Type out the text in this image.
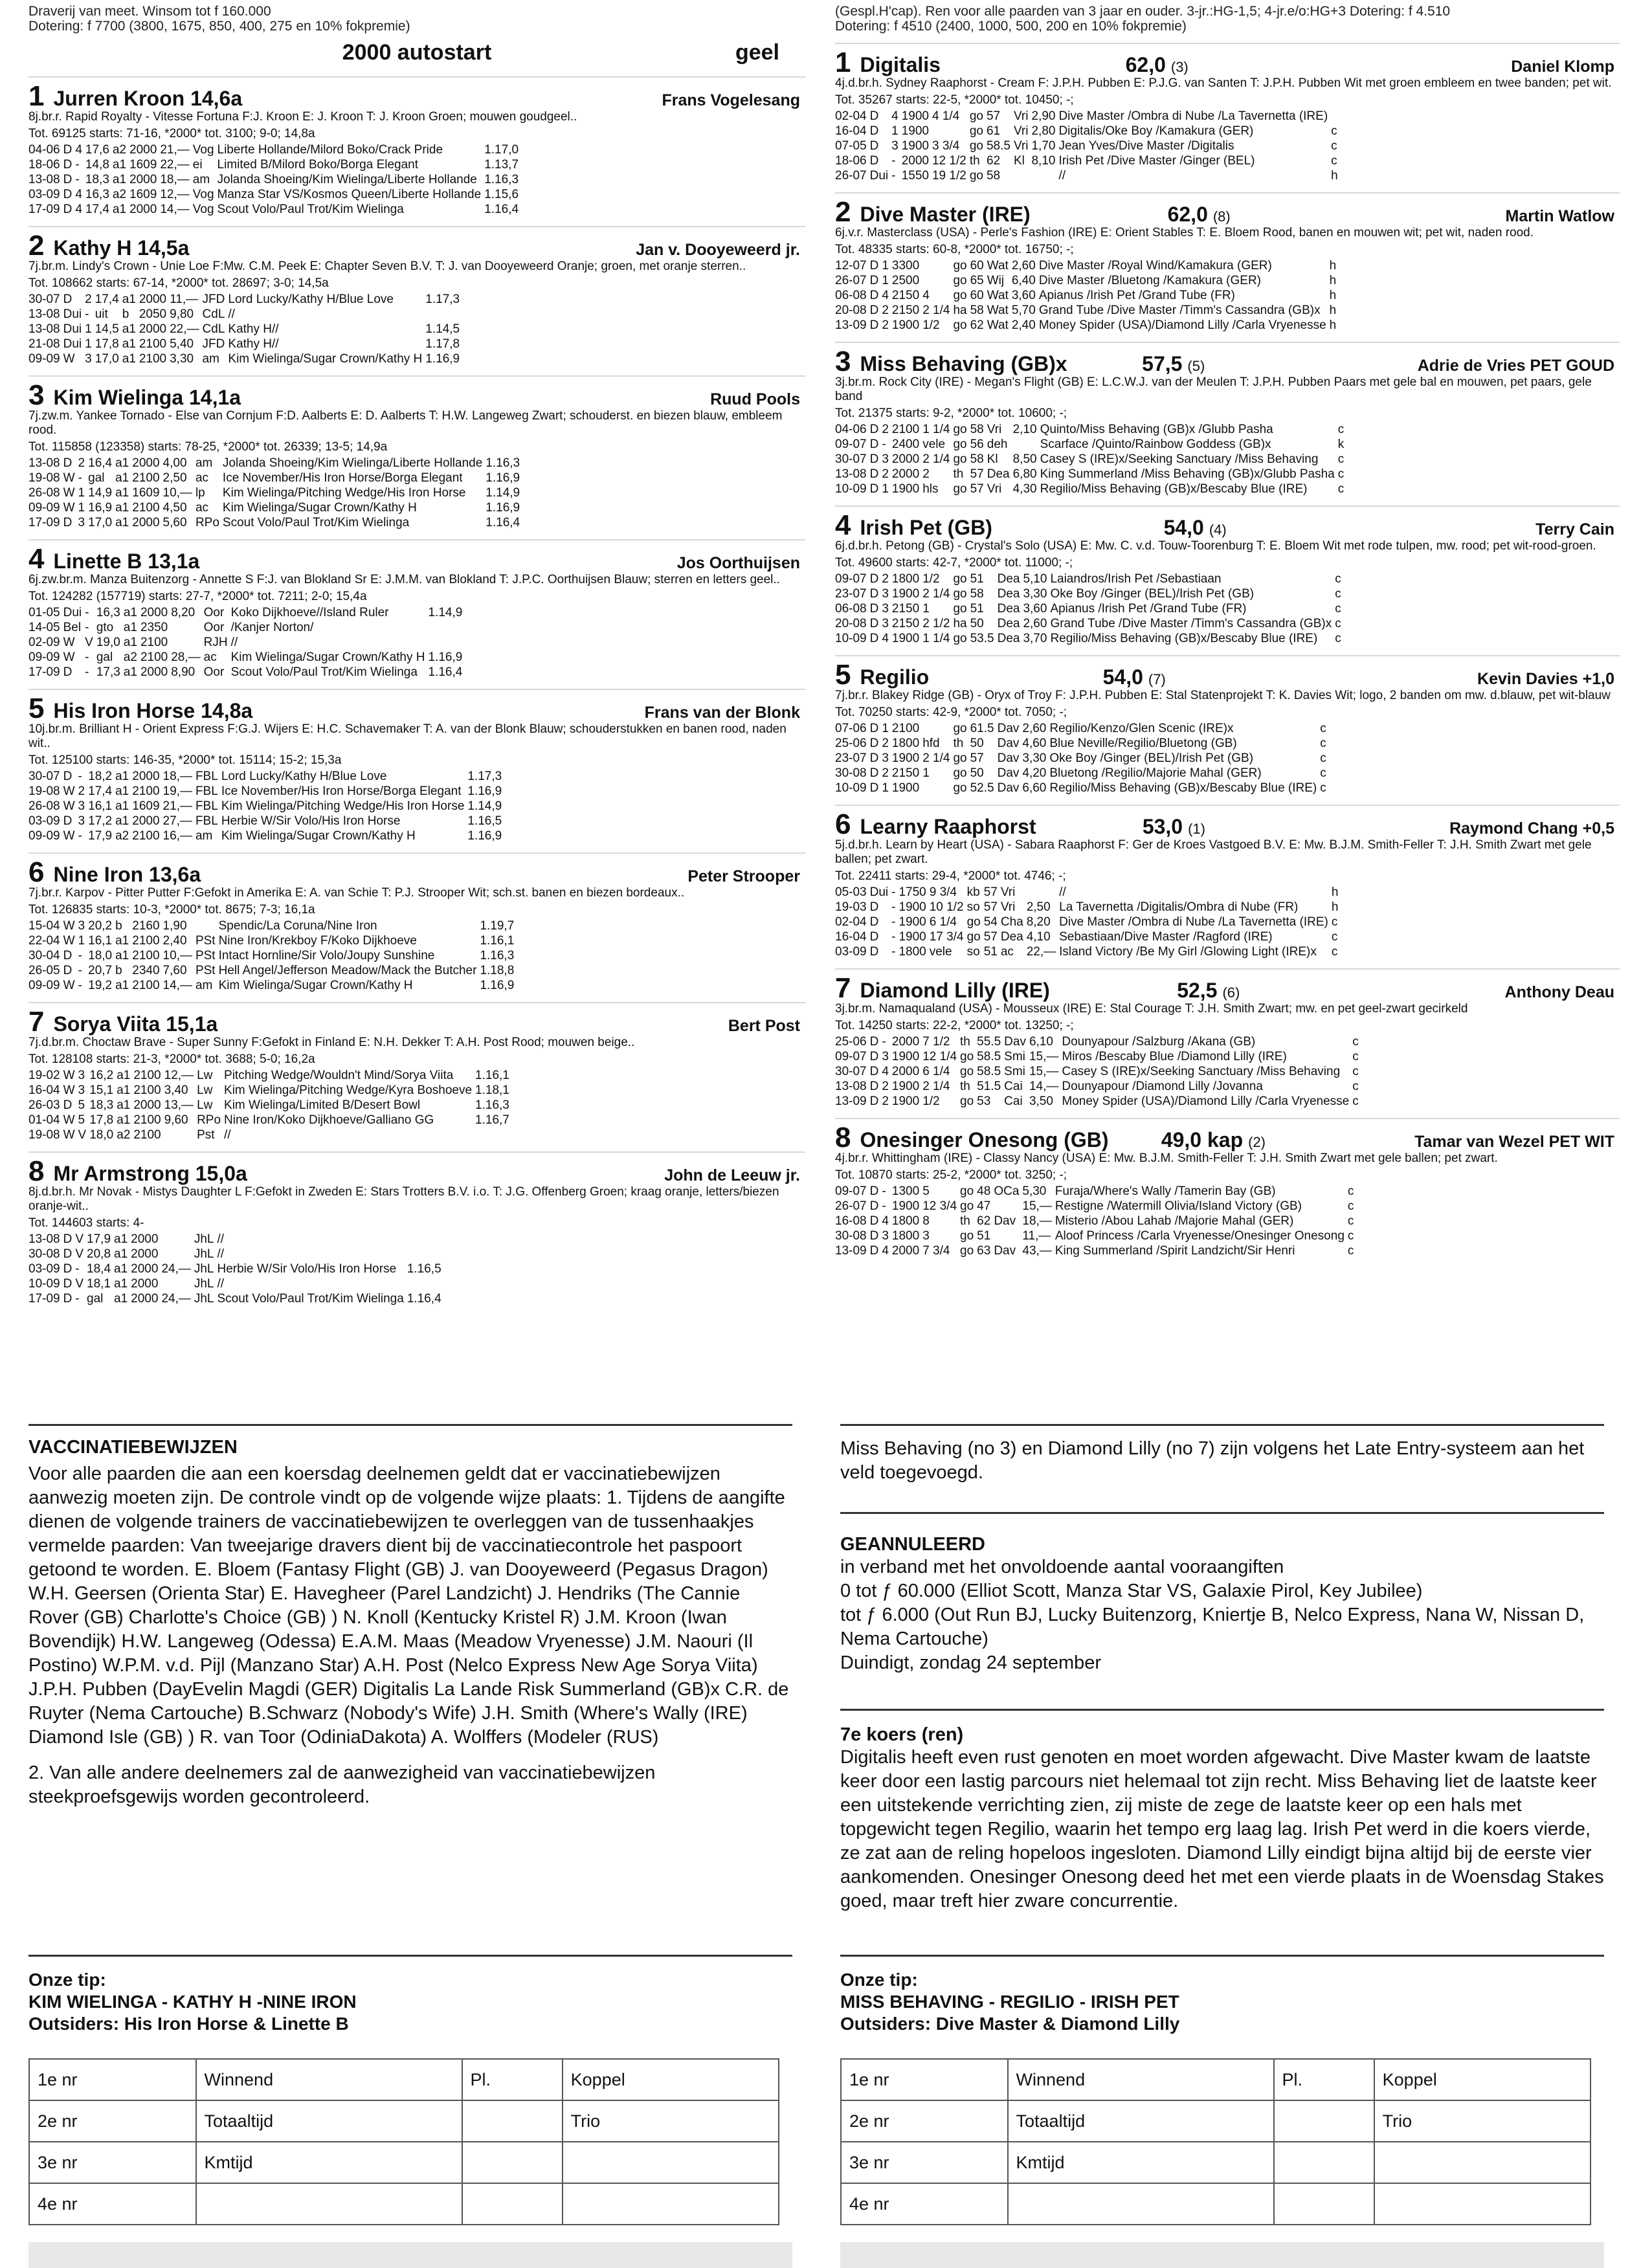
Draverij van meet. Winsom tot f 160.000
Dotering: f 7700 (3800, 1675, 850, 400, 275 en 10% fokpremie)
2000 autostart	geel
1 Jurren Kroon 14,6a	Frans Vogelesang
8j.br.r. Rapid Royalty - Vitesse Fortuna F:J. Kroon E: J. Kroon T: J. Kroon Groen; mouwen goudgeel..
Tot. 69125 starts: 71-16, *2000* tot. 3100; 9-0; 14,8a
04-06	D	4	17,6	a2	2000	21,—	Vog	Liberte Hollande/Milord Boko/Crack Pride	1.17,0
18-06	D	-	14,8	a1	1609	22,—	ei	Limited B/Milord Boko/Borga Elegant	1.13,7
13-08	D	-	18,3	a1	2000	18,—	am	Jolanda Shoeing/Kim Wielinga/Liberte Hollande	1.16,3
03-09	D	4	16,3	a2	1609	12,—	Vog	Manza Star VS/Kosmos Queen/Liberte Hollande	1.15,6
17-09	D	4	17,4	a1	2000	14,—	Vog	Scout Volo/Paul Trot/Kim Wielinga	1.16,4
2 Kathy H 14,5a	Jan v. Dooyeweerd jr.
7j.br.m. Lindy's Crown - Unie Loe F:Mw. C.M. Peek E: Chapter Seven B.V. T: J. van Dooyeweerd Oranje; groen, met oranje sterren..
Tot. 108662 starts: 67-14, *2000* tot. 28697; 3-0; 14,5a
30-07	D	2	17,4	a1	2000	11,—	JFD	Lord Lucky/Kathy H/Blue Love	1.17,3
13-08	Dui	-	uit	b	2050	9,80	CdL	//	
13-08	Dui	1	14,5	a1	2000	22,—	CdL	Kathy H//	1.14,5
21-08	Dui	1	17,8	a1	2100	5,40	JFD	Kathy H//	1.17,8
09-09	W	3	17,0	a1	2100	3,30	am	Kim Wielinga/Sugar Crown/Kathy H	1.16,9
3 Kim Wielinga 14,1a	Ruud Pools
7j.zw.m. Yankee Tornado - Else van Cornjum F:D. Aalberts E: D. Aalberts T: H.W. Langeweg Zwart; schouderst. en biezen blauw, embleem rood.
Tot. 115858 (123358) starts: 78-25, *2000* tot. 26339; 13-5; 14,9a
13-08	D	2	16,4	a1	2000	4,00	am	Jolanda Shoeing/Kim Wielinga/Liberte Hollande	1.16,3
19-08	W	-	gal	a1	2100	2,50	ac	Ice November/His Iron Horse/Borga Elegant	1.16,9
26-08	W	1	14,9	a1	1609	10,—	lp	Kim Wielinga/Pitching Wedge/His Iron Horse	1.14,9
09-09	W	1	16,9	a1	2100	4,50	ac	Kim Wielinga/Sugar Crown/Kathy H	1.16,9
17-09	D	3	17,0	a1	2000	5,60	RPo	Scout Volo/Paul Trot/Kim Wielinga	1.16,4
4 Linette B 13,1a	Jos Oorthuijsen
6j.zw.br.m. Manza Buitenzorg - Annette S F:J. van Blokland Sr E: J.M.M. van Blokland T: J.P.C. Oorthuijsen Blauw; sterren en letters geel..
Tot. 124282 (157719) starts: 27-7, *2000* tot. 7211; 2-0; 15,4a
01-05	Dui	-	16,3	a1	2000	8,20	Oor	Koko Dijkhoeve//Island Ruler	1.14,9
14-05	Bel	-	gto	a1	2350		Oor	/Kanjer Norton/	
02-09	W	V	19,0	a1	2100		RJH	//	
09-09	W	-	gal	a2	2100	28,—	ac	Kim Wielinga/Sugar Crown/Kathy H	1.16,9
17-09	D	-	17,3	a1	2000	8,90	Oor	Scout Volo/Paul Trot/Kim Wielinga	1.16,4
5 His Iron Horse 14,8a	Frans van der Blonk
10j.br.m. Brilliant H - Orient Express F:G.J. Wijers E: H.C. Schavemaker T: A. van der Blonk Blauw; schouderstukken en banen rood, naden wit..
Tot. 125100 starts: 146-35, *2000* tot. 15114; 15-2; 15,3a
30-07	D	-	18,2	a1	2000	18,—	FBL	Lord Lucky/Kathy H/Blue Love	1.17,3
19-08	W	2	17,4	a1	2100	19,—	FBL	Ice November/His Iron Horse/Borga Elegant	1.16,9
26-08	W	3	16,1	a1	1609	21,—	FBL	Kim Wielinga/Pitching Wedge/His Iron Horse	1.14,9
03-09	D	3	17,2	a1	2000	27,—	FBL	Herbie W/Sir Volo/His Iron Horse	1.16,5
09-09	W	-	17,9	a2	2100	16,—	am	Kim Wielinga/Sugar Crown/Kathy H	1.16,9
6 Nine Iron 13,6a	Peter Strooper
7j.br.r. Karpov - Pitter Putter F:Gefokt in Amerika E: A. van Schie T: P.J. Strooper Wit; sch.st. banen en biezen bordeaux..
Tot. 126835 starts: 10-3, *2000* tot. 8675; 7-3; 16,1a
15-04	W	3	20,2	b	2160	1,90		Spendic/La Coruna/Nine Iron	1.19,7
22-04	W	1	16,1	a1	2100	2,40	PSt	Nine Iron/Krekboy F/Koko Dijkhoeve	1.16,1
30-04	D	-	18,0	a1	2100	10,—	PSt	Intact Hornline/Sir Volo/Joupy Sunshine	1.16,3
26-05	D	-	20,7	b	2340	7,60	PSt	Hell Angel/Jefferson Meadow/Mack the Butcher	1.18,8
09-09	W	-	19,2	a1	2100	14,—	am	Kim Wielinga/Sugar Crown/Kathy H	1.16,9
7 Sorya Viita 15,1a	Bert Post
7j.d.br.m. Choctaw Brave - Super Sunny F:Gefokt in Finland E: N.H. Dekker T: A.H. Post Rood; mouwen beige..
Tot. 128108 starts: 21-3, *2000* tot. 3688; 5-0; 16,2a
19-02	W	3	16,2	a1	2100	12,—	Lw	Pitching Wedge/Wouldn't Mind/Sorya Viita	1.16,1
16-04	W	3	15,1	a1	2100	3,40	Lw	Kim Wielinga/Pitching Wedge/Kyra Boshoeve	1.18,1
26-03	D	5	18,3	a1	2000	13,—	Lw	Kim Wielinga/Limited B/Desert Bowl	1.16,3
01-04	W	5	17,8	a1	2100	9,60	RPo	Nine Iron/Koko Dijkhoeve/Galliano GG	1.16,7
19-08	W	V	18,0	a2	2100		Pst	//	
8 Mr Armstrong 15,0a	John de Leeuw jr.
8j.d.br.h. Mr Novak - Mistys Daughter L F:Gefokt in Zweden E: Stars Trotters B.V. i.o. T: J.G. Offenberg Groen; kraag oranje, letters/biezen oranje-wit..
Tot. 144603 starts: 4-
13-08	D	V	17,9	a1	2000		JhL	//	
30-08	D	V	20,8	a1	2000		JhL	//	
03-09	D	-	18,4	a1	2000	24,—	JhL	Herbie W/Sir Volo/His Iron Horse	1.16,5
10-09	D	V	18,1	a1	2000		JhL	//	
17-09	D	-	gal	a1	2000	24,—	JhL	Scout Volo/Paul Trot/Kim Wielinga	1.16,4
(Gespl.H'cap). Ren voor alle paarden van 3 jaar en ouder. 3-jr.:HG-1,5; 4-jr.e/o:HG+3 Dotering: f 4.510
Dotering: f 4510 (2400, 1000, 500, 200 en 10% fokpremie)
1 Digitalis	62,0 (3)	Daniel Klomp
4j.d.br.h. Sydney Raaphorst - Cream F: J.P.H. Pubben E: P.J.G. van Santen T: J.P.H. Pubben Wit met groen embleem en twee banden; pet wit.
Tot. 35267 starts: 22-5, *2000* tot. 10450; -;
02-04	D	4	1900	4 1/4	go	57	Vri	2,90	Dive Master /Ombra di Nube /La Tavernetta (IRE)	
16-04	D	1	1900		go	61	Vri	2,80	Digitalis/Oke Boy /Kamakura (GER)	c
07-05	D	3	1900	3 3/4	go	58.5	Vri	1,70	Jean Yves/Dive Master /Digitalis	c
18-06	D	-	2000	12 1/2	th	62	Kl	8,10	Irish Pet /Dive Master /Ginger (BEL)	c
26-07	Dui	-	1550	19 1/2	go	58			//	h
2 Dive Master (IRE)	62,0 (8)	Martin Watlow
6j.v.r. Masterclass (USA) - Perle's Fashion (IRE) E: Orient Stables T: E. Bloem Rood, banen en mouwen wit; pet wit, naden rood.
Tot. 48335 starts: 60-8, *2000* tot. 16750; -;
12-07	D	1	3300		go	60	Wat	2,60	Dive Master /Royal Wind/Kamakura (GER)	h
26-07	D	1	2500		go	65	Wij	6,40	Dive Master /Bluetong /Kamakura (GER)	h
06-08	D	4	2150	4	go	60	Wat	3,60	Apianus /Irish Pet /Grand Tube (FR)	h
20-08	D	2	2150	2 1/4	ha	58	Wat	5,70	Grand Tube /Dive Master /Timm's Cassandra (GB)x	h
13-09	D	2	1900	1/2	go	62	Wat	2,40	Money Spider (USA)/Diamond Lilly /Carla Vryenesse	h
3 Miss Behaving (GB)x	57,5 (5)	Adrie de Vries PET GOUD
3j.br.m. Rock City (IRE) - Megan's Flight (GB) E: L.C.W.J. van der Meulen T: J.P.H. Pubben Paars met gele bal en mouwen, pet paars, gele band
Tot. 21375 starts: 9-2, *2000* tot. 10600; -;
04-06	D	2	2100	1 1/4	go	58	Vri	2,10	Quinto/Miss Behaving (GB)x /Glubb Pasha	c
09-07	D	-	2400	vele	go	56	deh		Scarface /Quinto/Rainbow Goddess (GB)x	k
30-07	D	3	2000	2 1/4	go	58	Kl	8,50	Casey S (IRE)x/Seeking Sanctuary /Miss Behaving	c
13-08	D	2	2000	2	th	57	Dea	6,80	King Summerland /Miss Behaving (GB)x/Glubb Pasha	c
10-09	D	1	1900	hls	go	57	Vri	4,30	Regilio/Miss Behaving (GB)x/Bescaby Blue (IRE)	c
4 Irish Pet (GB)	54,0 (4)	Terry Cain
6j.d.br.h. Petong (GB) - Crystal's Solo (USA) E: Mw. C. v.d. Touw-Toorenburg T: E. Bloem Wit met rode tulpen, mw. rood; pet wit-rood-groen.
Tot. 49600 starts: 42-7, *2000* tot. 11000; -;
09-07	D	2	1800	1/2	go	51	Dea	5,10	Laiandros/Irish Pet /Sebastiaan	c
23-07	D	3	1900	2 1/4	go	58	Dea	3,30	Oke Boy /Ginger (BEL)/Irish Pet (GB)	c
06-08	D	3	2150	1	go	51	Dea	3,60	Apianus /Irish Pet /Grand Tube (FR)	c
20-08	D	3	2150	2 1/2	ha	50	Dea	2,60	Grand Tube /Dive Master /Timm's Cassandra (GB)x	c
10-09	D	4	1900	1 1/4	go	53.5	Dea	3,70	Regilio/Miss Behaving (GB)x/Bescaby Blue (IRE)	c
5 Regilio	54,0 (7)	Kevin Davies +1,0
7j.br.r. Blakey Ridge (GB) - Oryx of Troy F: J.P.H. Pubben E: Stal Statenprojekt T: K. Davies Wit; logo, 2 banden om mw. d.blauw, pet wit-blauw
Tot. 70250 starts: 42-9, *2000* tot. 7050; -;
07-06	D	1	2100		go	61.5	Dav	2,60	Regilio/Kenzo/Glen Scenic (IRE)x	c
25-06	D	2	1800	hfd	th	50	Dav	4,60	Blue Neville/Regilio/Bluetong (GB)	c
23-07	D	3	1900	2 1/4	go	57	Dav	3,30	Oke Boy /Ginger (BEL)/Irish Pet (GB)	c
30-08	D	2	2150	1	go	50	Dav	4,20	Bluetong /Regilio/Majorie Mahal (GER)	c
10-09	D	1	1900		go	52.5	Dav	6,60	Regilio/Miss Behaving (GB)x/Bescaby Blue (IRE)	c
6 Learny Raaphorst	53,0 (1)	Raymond Chang +0,5
5j.d.br.h. Learn by Heart (USA) - Sabara Raaphorst F: Ger de Kroes Vastgoed B.V. E: Mw. B.J.M. Smith-Feller T: J.H. Smith Zwart met gele ballen; pet zwart.
Tot. 22411 starts: 29-4, *2000* tot. 4746; -;
05-03	Dui	-	1750	9 3/4	kb	57	Vri		//	h
19-03	D	-	1900	10 1/2	so	57	Vri	2,50	La Tavernetta /Digitalis/Ombra di Nube (FR)	h
02-04	D	-	1900	6 1/4	go	54	Cha	8,20	Dive Master /Ombra di Nube /La Tavernetta (IRE)	c
16-04	D	-	1900	17 3/4	go	57	Dea	4,10	Sebastiaan/Dive Master /Ragford (IRE)	c
03-09	D	-	1800	vele	so	51	ac	22,—	Island Victory /Be My Girl /Glowing Light (IRE)x	c
7 Diamond Lilly (IRE)	52,5 (6)	Anthony Deau
3j.br.m. Namaqualand (USA) - Mousseux (IRE) E: Stal Courage T: J.H. Smith Zwart; mw. en pet geel-zwart gecirkeld
Tot. 14250 starts: 22-2, *2000* tot. 13250; -;
25-06	D	-	2000	7 1/2	th	55.5	Dav	6,10	Dounyapour /Salzburg /Akana (GB)	c
09-07	D	3	1900	12 1/4	go	58.5	Smi	15,—	Miros /Bescaby Blue /Diamond Lilly (IRE)	c
30-07	D	4	2000	6 1/4	go	58.5	Smi	15,—	Casey S (IRE)x/Seeking Sanctuary /Miss Behaving	c
13-08	D	2	1900	2 1/4	th	51.5	Cai	14,—	Dounyapour /Diamond Lilly /Jovanna	c
13-09	D	2	1900	1/2	go	53	Cai	3,50	Money Spider (USA)/Diamond Lilly /Carla Vryenesse	c
8 Onesinger Onesong (GB)	49,0 kap (2)	Tamar van Wezel PET WIT
4j.br.r. Whittingham (IRE) - Classy Nancy (USA) E: Mw. B.J.M. Smith-Feller T: J.H. Smith Zwart met gele ballen; pet zwart.
Tot. 10870 starts: 25-2, *2000* tot. 3250; -;
09-07	D	-	1300	5	go	48	OCa	5,30	Furaja/Where's Wally /Tamerin Bay (GB)	c
26-07	D	-	1900	12 3/4	go	47		15,—	Restigne /Watermill Olivia/Island Victory (GB)	c
16-08	D	4	1800	8	th	62	Dav	18,—	Misterio /Abou Lahab /Majorie Mahal (GER)	c
30-08	D	3	1800	3	go	51		11,—	Aloof Princess /Carla Vryenesse/Onesinger Onesong	c
13-09	D	4	2000	7 3/4	go	63	Dav	43,—	King Summerland /Spirit Landzicht/Sir Henri	c
VACCINATIEBEWIJZEN
Voor alle paarden die aan een koersdag deelnemen geldt dat er vaccinatiebewijzen aanwezig moeten zijn. De controle vindt op de volgende wijze plaats: 1. Tijdens de aangifte dienen de volgende trainers de vaccinatiebewijzen te overleggen van de tussenhaakjes vermelde paarden: Van tweejarige dravers dient bij de vaccinatiecontrole het paspoort getoond te worden. E. Bloem (Fantasy Flight (GB) J. van Dooyeweerd (Pegasus Dragon) W.H. Geersen (Orienta Star) E. Haveghеer (Parel Landzicht) J. Hendriks (The Cannie Rover (GB) Charlotte's Choice (GB) ) N. Knoll (Kentucky Kristel R) J.M. Kroon (Iwan Bovendijk) H.W. Langeweg (Odessa) E.A.M. Maas (Meadow Vryenesse) J.M. Naouri (Il Postino) W.P.M. v.d. Pijl (Manzano Star) A.H. Post (Nelco Express New Age Sorya Viita) J.P.H. Pubben (DayEvelin Magdi (GER) Digitalis La Lande Risk Summerland (GB)x C.R. de Ruyter (Nema Cartouche) B.Schwarz (Nobody's Wife) J.H. Smith (Where's Wally (IRE) Diamond Isle (GB) ) R. van Toor (OdiniaDakota) A. Wolffers (Modeler (RUS)
2. Van alle andere deelnemers zal de aanwezigheid van vaccinatiebewijzen steekproefsgewijs worden gecontroleerd.
Onze tip:
KIM WIELINGA - KATHY H -NINE IRON
Outsiders: His Iron Horse & Linette B
1e nr	Winnend	Pl.	Koppel
2e nr	Totaaltijd		Trio
3e nr	Kmtijd		
4e nr			
Miss Behaving (no 3) en Diamond Lilly (no 7) zijn volgens het Late Entry-systeem aan het veld toegevoegd.
GEANNULEERD
in verband met het onvoldoende aantal vooraangiften
0 tot ƒ 60.000 (Elliot Scott, Manza Star VS, Galaxie Pirol, Key Jubilee)
tot ƒ 6.000 (Out Run BJ, Lucky Buitenzorg, Kniertje B, Nelco Express, Nana W, Nissan D, Nema Cartouche)
Duindigt, zondag 24 september
7e koers (ren)
Digitalis heeft even rust genoten en moet worden afgewacht. Dive Master kwam de laatste keer door een lastig parcours niet helemaal tot zijn recht. Miss Behaving liet de laatste keer een uitstekende verrichting zien, zij miste de zege de laatste keer op een hals met topgewicht tegen Regilio, waarin het tempo erg laag lag. Irish Pet werd in die koers vierde, ze zat aan de reling hopeloos ingesloten. Diamond Lilly eindigt bijna altijd bij de eerste vier aankomenden. Onesinger Onesong deed het met een vierde plaats in de Woensdag Stakes goed, maar treft hier zware concurrentie.
Onze tip:
MISS BEHAVING - REGILIO - IRISH PET
Outsiders: Dive Master & Diamond Lilly
1e nr	Winnend	Pl.	Koppel
2e nr	Totaaltijd		Trio
3e nr	Kmtijd		
4e nr			
